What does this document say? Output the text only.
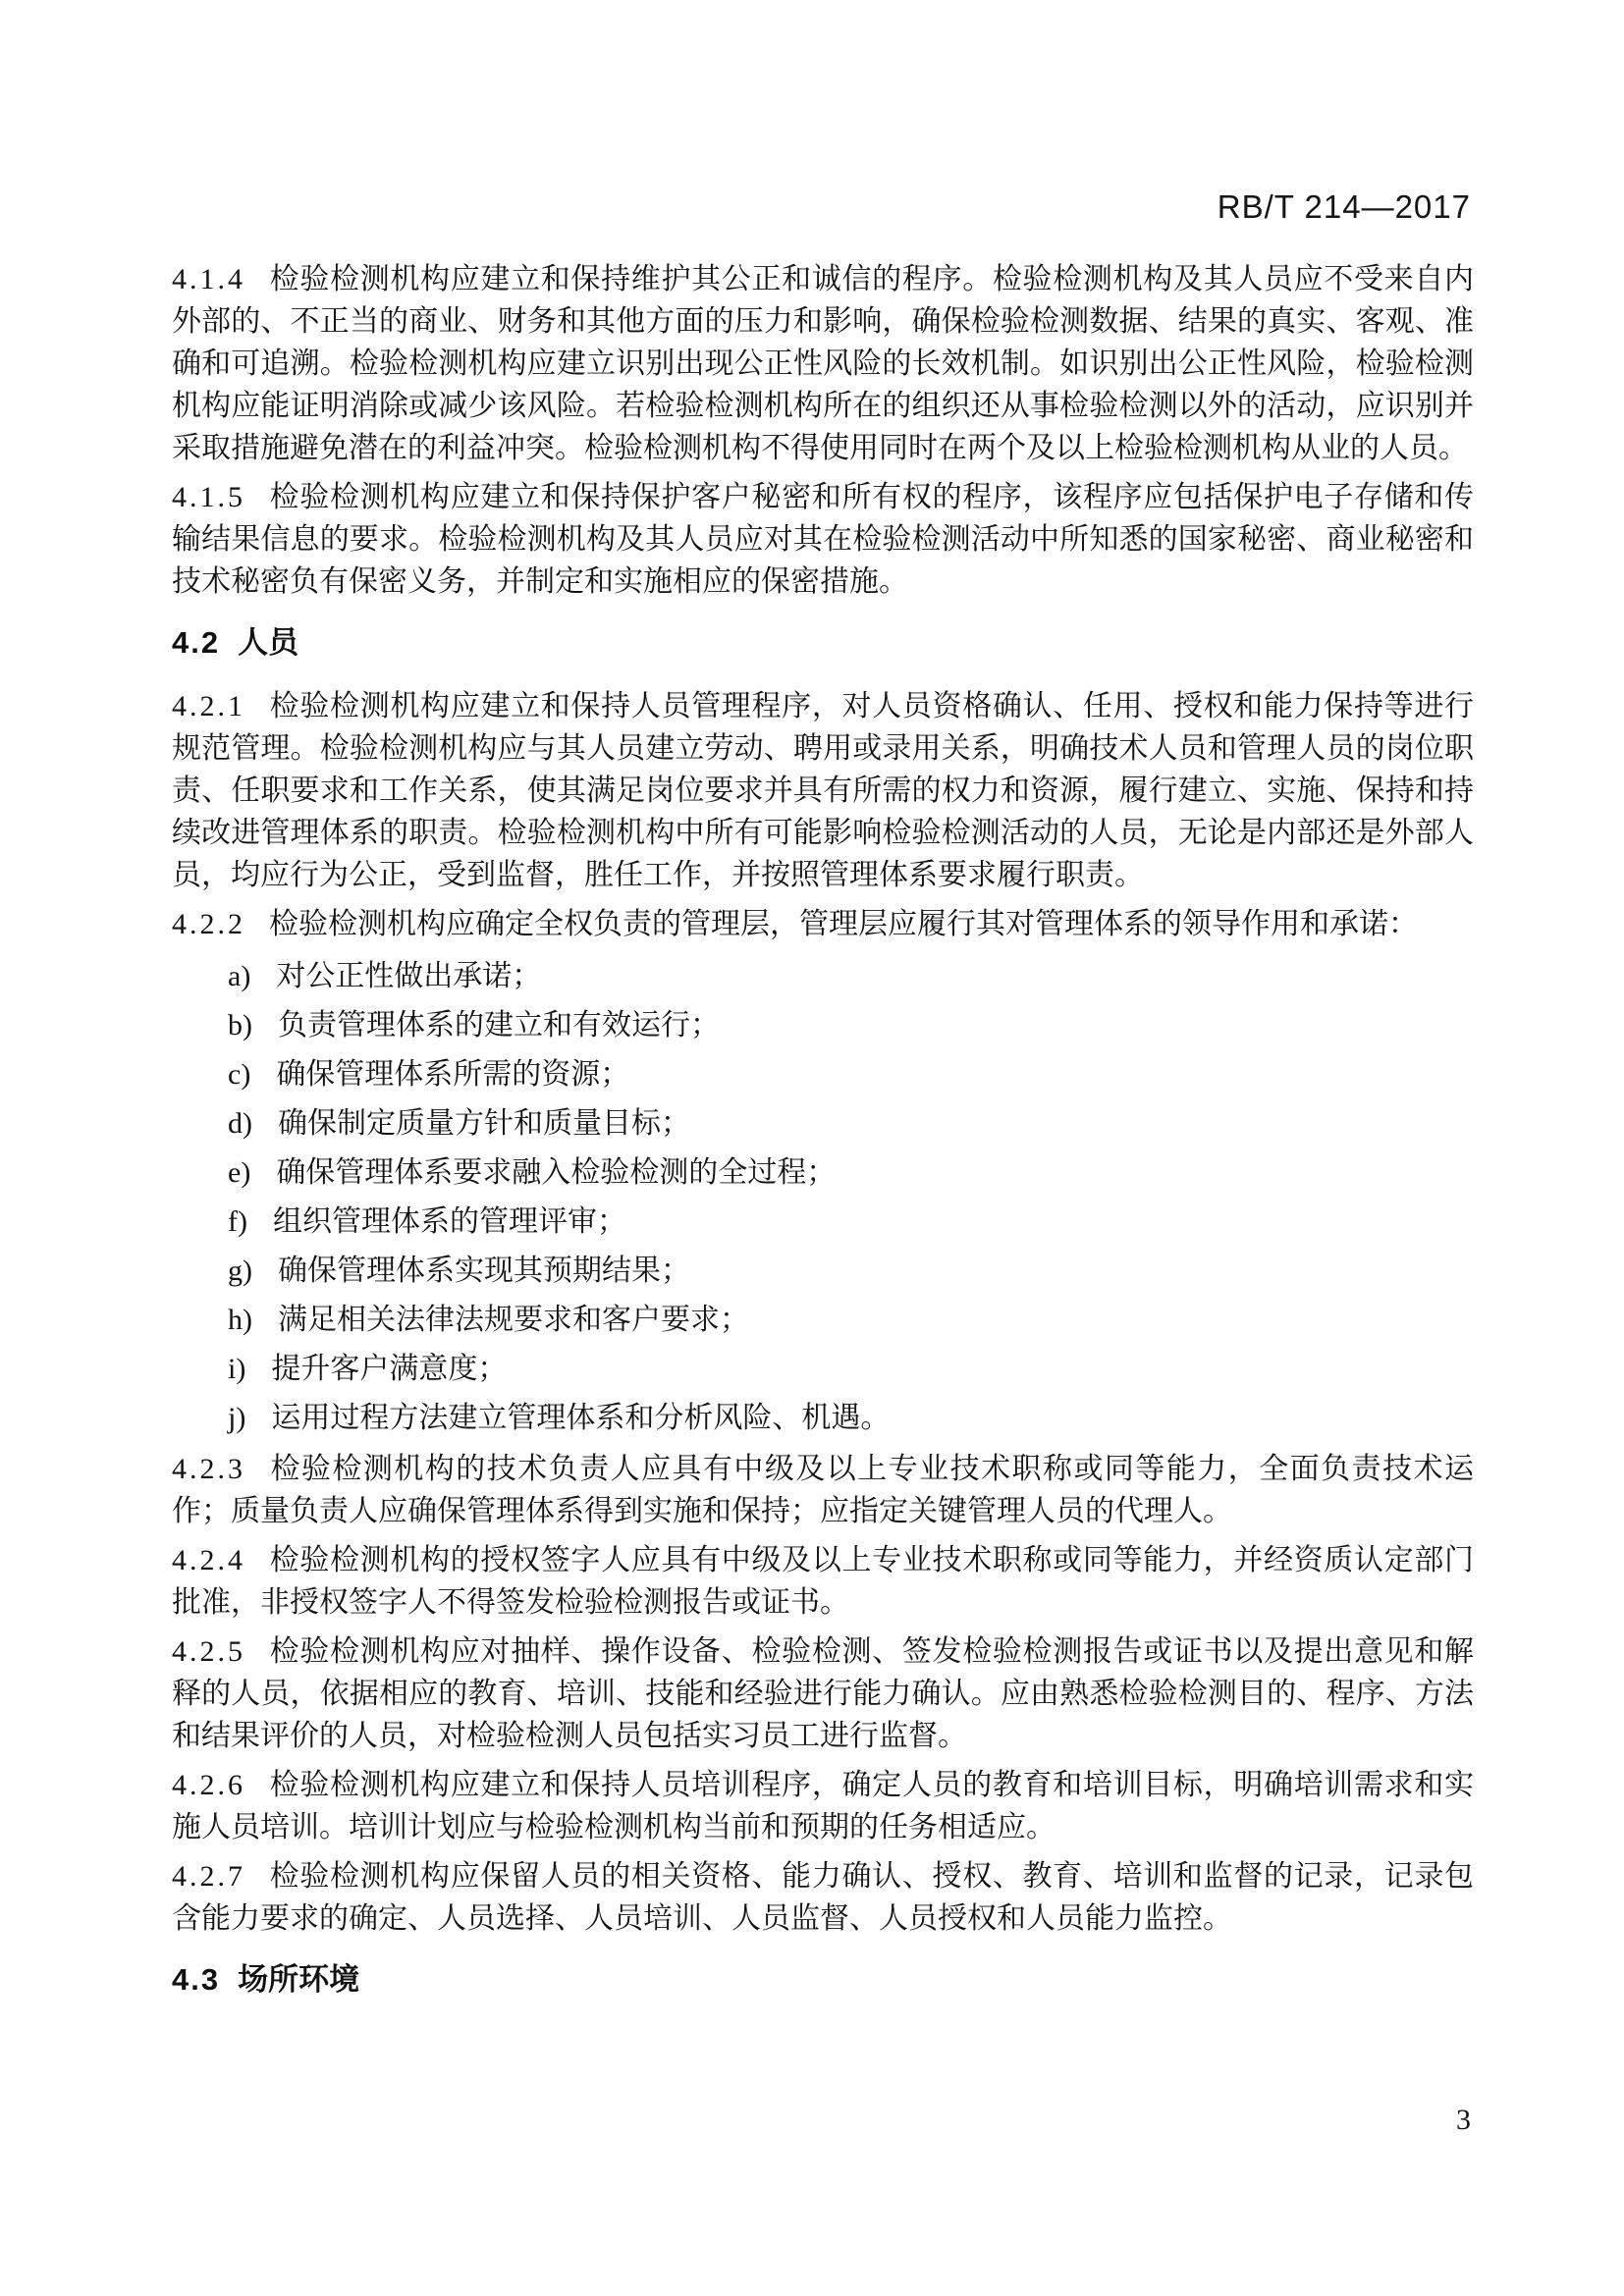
RB/T 214—2017

4.1.4 检验检测机构应建立和保持维护其公正和诚信的程序。检验检测机构及其人员应不受来自内外部的、不正当的商业、财务和其他方面的压力和影响，确保检验检测数据、结果的真实、客观、准确和可追溯。检验检测机构应建立识别出现公正性风险的长效机制。如识别出公正性风险，检验检测机构应能证明消除或减少该风险。若检验检测机构所在的组织还从事检验检测以外的活动，应识别并采取措施避免潜在的利益冲突。检验检测机构不得使用同时在两个及以上检验检测机构从业的人员。

4.1.5 检验检测机构应建立和保持保护客户秘密和所有权的程序，该程序应包括保护电子存储和传输结果信息的要求。检验检测机构及其人员应对其在检验检测活动中所知悉的国家秘密、商业秘密和技术秘密负有保密义务，并制定和实施相应的保密措施。

4.2 人员

4.2.1 检验检测机构应建立和保持人员管理程序，对人员资格确认、任用、授权和能力保持等进行规范管理。检验检测机构应与其人员建立劳动、聘用或录用关系，明确技术人员和管理人员的岗位职责、任职要求和工作关系，使其满足岗位要求并具有所需的权力和资源，履行建立、实施、保持和持续改进管理体系的职责。检验检测机构中所有可能影响检验检测活动的人员，无论是内部还是外部人员，均应行为公正，受到监督，胜任工作，并按照管理体系要求履行职责。

4.2.2 检验检测机构应确定全权负责的管理层，管理层应履行其对管理体系的领导作用和承诺：

a) 对公正性做出承诺；
b) 负责管理体系的建立和有效运行；
c) 确保管理体系所需的资源；
d) 确保制定质量方针和质量目标；
e) 确保管理体系要求融入检验检测的全过程；
f) 组织管理体系的管理评审；
g) 确保管理体系实现其预期结果；
h) 满足相关法律法规要求和客户要求；
i) 提升客户满意度；
j) 运用过程方法建立管理体系和分析风险、机遇。

4.2.3 检验检测机构的技术负责人应具有中级及以上专业技术职称或同等能力，全面负责技术运作；质量负责人应确保管理体系得到实施和保持；应指定关键管理人员的代理人。

4.2.4 检验检测机构的授权签字人应具有中级及以上专业技术职称或同等能力，并经资质认定部门批准，非授权签字人不得签发检验检测报告或证书。

4.2.5 检验检测机构应对抽样、操作设备、检验检测、签发检验检测报告或证书以及提出意见和解释的人员，依据相应的教育、培训、技能和经验进行能力确认。应由熟悉检验检测目的、程序、方法和结果评价的人员，对检验检测人员包括实习员工进行监督。

4.2.6 检验检测机构应建立和保持人员培训程序，确定人员的教育和培训目标，明确培训需求和实施人员培训。培训计划应与检验检测机构当前和预期的任务相适应。

4.2.7 检验检测机构应保留人员的相关资格、能力确认、授权、教育、培训和监督的记录，记录包含能力要求的确定、人员选择、人员培训、人员监督、人员授权和人员能力监控。

4.3 场所环境
3
